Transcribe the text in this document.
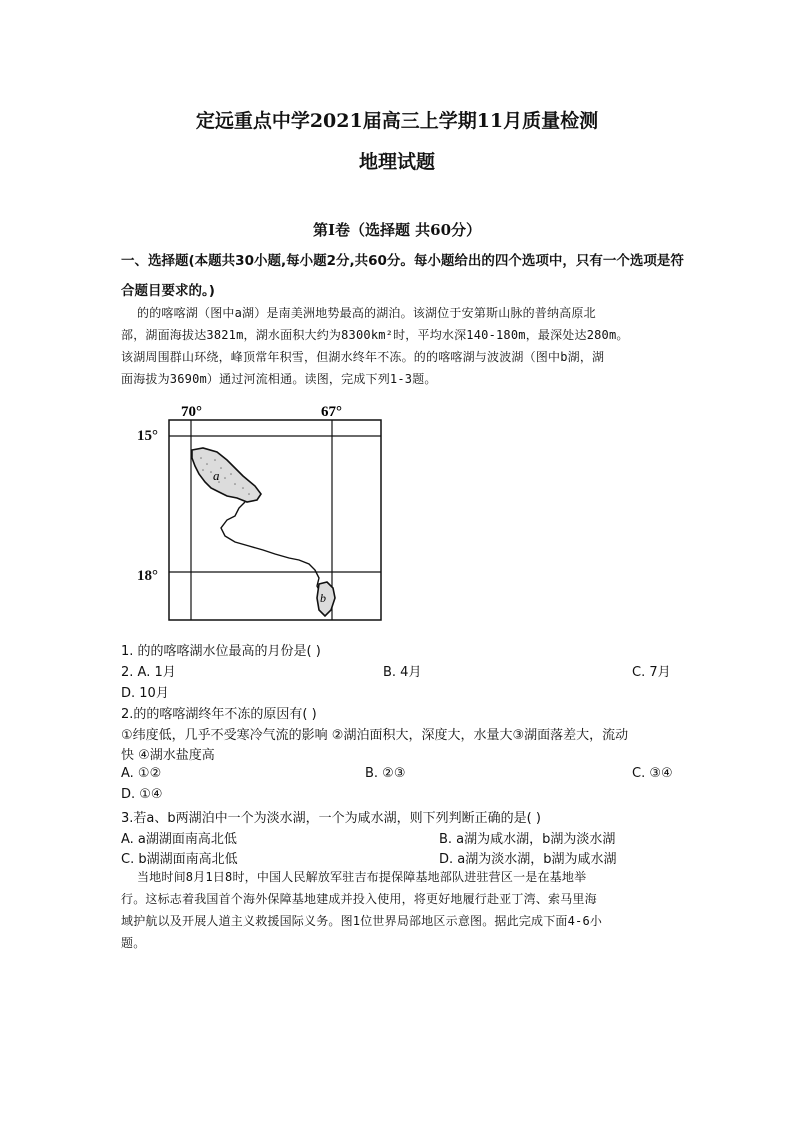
定远重点中学2021届高三上学期11月质量检测
地理试题
第I卷（选择题 共60分）
一、选择题(本题共30小题,每小题2分,共60分。每小题给出的四个选项中，只有一个选项是符
合题目要求的。)
的的喀喀湖（图中a湖）是南美洲地势最高的湖泊。该湖位于安第斯山脉的普纳高原北
部，湖面海拔达3821m，湖水面积大约为8300km²时，平均水深140-180m，最深处达280m。
该湖周围群山环绕，峰顶常年积雪，但湖水终年不冻。的的喀喀湖与波波湖（图中b湖，湖
面海拔为3690m）通过河流相通。读图，完成下列1-3题。
a
b
70°	67°
15°
18°
1. 的的喀喀湖水位最高的月份是( )
2. A. 1月	B. 4月	C. 7月
D. 10月
2.的的喀喀湖终年不冻的原因有( )
①纬度低，几乎不受寒冷气流的影响 ②湖泊面积大，深度大，水量大③湖面落差大，流动
快 ④湖水盐度高
A. ①②	B. ②③	C. ③④
D. ①④
3.若a、b两湖泊中一个为淡水湖，一个为咸水湖，则下列判断正确的是( )
A. a湖湖面南高北低	B. a湖为咸水湖，b湖为淡水湖
C. b湖湖面南高北低	D. a湖为淡水湖，b湖为咸水湖
当地时间8月1日8时，中国人民解放军驻吉布提保障基地部队进驻营区一是在基地举
行。这标志着我国首个海外保障基地建成并投入使用，将更好地履行赴亚丁湾、索马里海
域护航以及开展人道主义救援国际义务。图1位世界局部地区示意图。据此完成下面4-6小
题。
